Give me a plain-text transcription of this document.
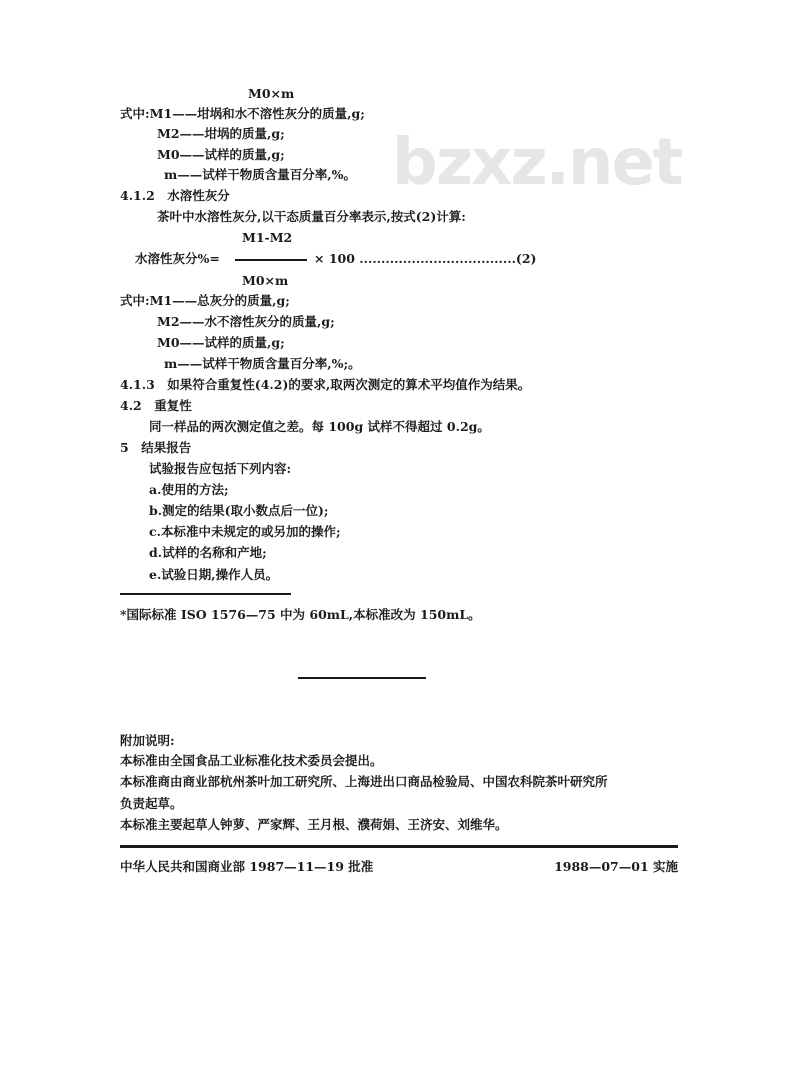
bzxz.net
M0×m
式中:M1——坩埚和水不溶性灰分的质量,g;
M2——坩埚的质量,g;
M0——试样的质量,g;
m——试样干物质含量百分率,%。
4.1.2　水溶性灰分
茶叶中水溶性灰分,以干态质量百分率表示,按式(2)计算:
M1-M2
水溶性灰分%=	× 100 ....................................(2)
M0×m
式中:M1——总灰分的质量,g;
M2——水不溶性灰分的质量,g;
M0——试样的质量,g;
m——试样干物质含量百分率,%;。
4.1.3　如果符合重复性(4.2)的要求,取两次测定的算术平均值作为结果。
4.2　重复性
同一样品的两次测定值之差。每 100g 试样不得超过 0.2g。
5　结果报告
试验报告应包括下列内容:
a.使用的方法;
b.测定的结果(取小数点后一位);
c.本标准中未规定的或另加的操作;
d.试样的名称和产地;
e.试验日期,操作人员。
*国际标准 ISO 1576—75 中为 60mL,本标准改为 150mL。
附加说明:
本标准由全国食品工业标准化技术委员会提出。
本标准商由商业部杭州茶叶加工研究所、上海进出口商品检验局、中国农科院茶叶研究所
负责起草。
本标准主要起草人钟萝、严家辉、王月根、濮荷娟、王济安、刘维华。
中华人民共和国商业部 1987—11—19 批准	1988—07—01 实施
